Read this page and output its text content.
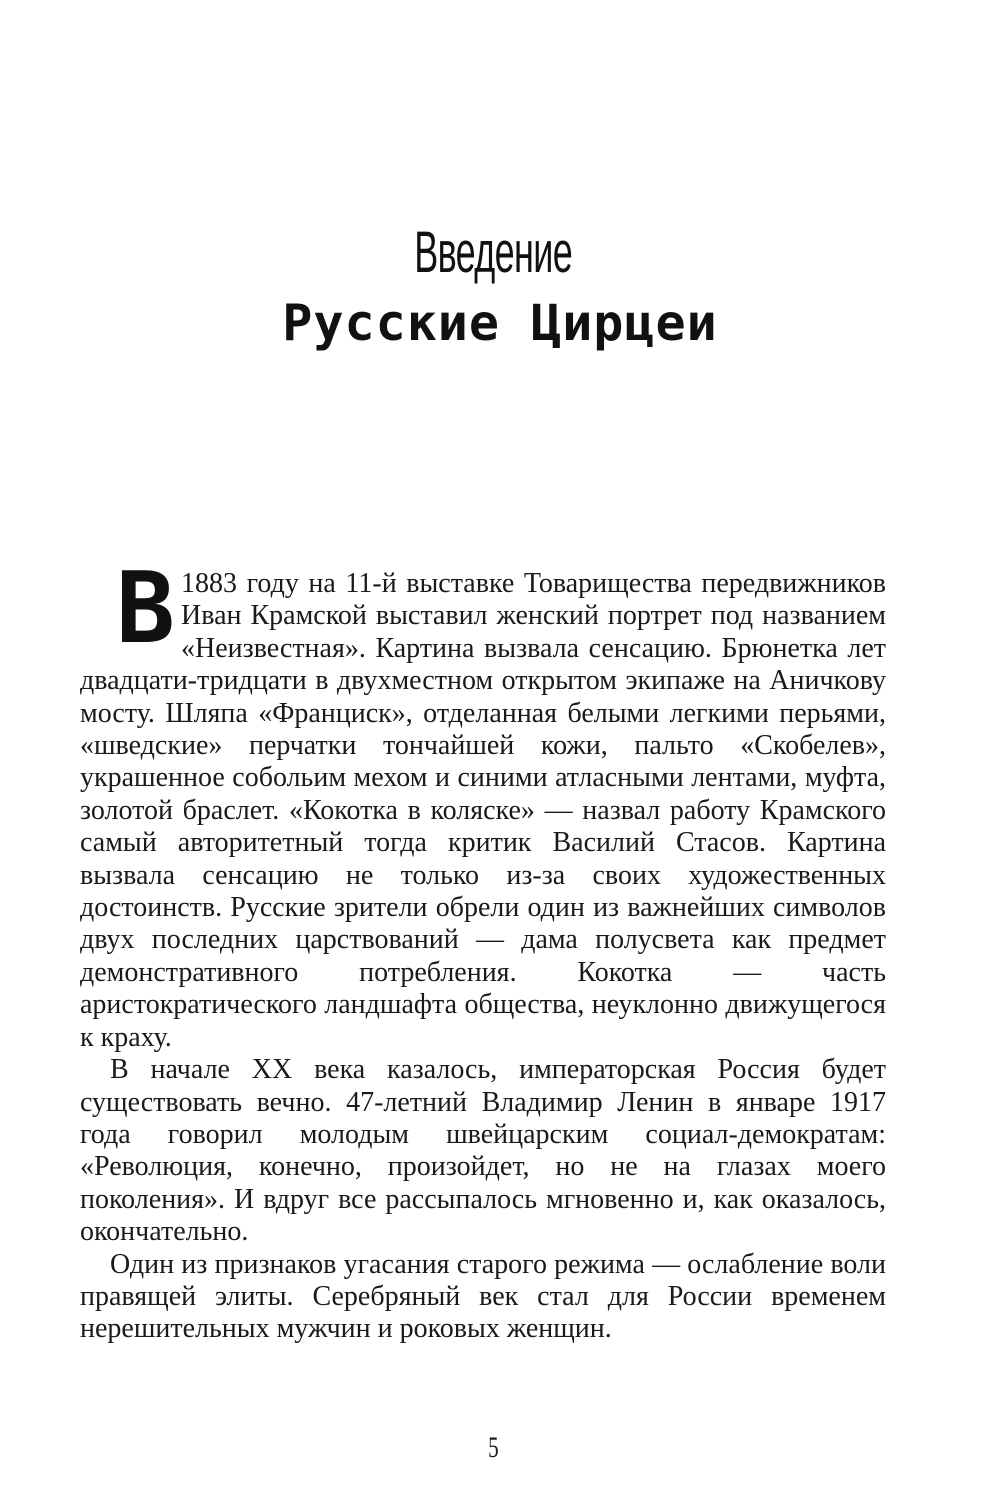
Введение
Русские Цирцеи

В 1883 году на 11-й выставке Товарищества передвижников Иван Крамской выставил женский портрет под названием «Неизвестная». Картина вызвала сенсацию. Брюнетка лет двадцати-тридцати в двухместном открытом экипаже на Аничкову мосту. Шляпа «Франциск», отделанная белыми легкими перьями, «шведские» перчатки тончайшей кожи, пальто «Скобелев», украшенное собольим мехом и синими атласными лентами, муфта, золотой браслет. «Кокотка в коляске» — назвал работу Крамского самый авторитетный тогда критик Василий Стасов. Картина вызвала сенсацию не только из-за своих художественных достоинств. Русские зрители обрели один из важнейших символов двух последних царствований — дама полусвета как предмет демонстративного потребления. Кокотка — часть аристократического ландшафта общества, неуклонно движущегося к краху.

В начале XX века казалось, императорская Россия будет существовать вечно. 47-летний Владимир Ленин в январе 1917 года говорил молодым швейцарским социал-демократам: «Революция, конечно, произойдет, но не на глазах моего поколения». И вдруг все рассыпалось мгновенно и, как оказалось, окончательно.

Один из признаков угасания старого режима — ослабление воли правящей элиты. Серебряный век стал для России временем нерешительных мужчин и роковых женщин.

5
